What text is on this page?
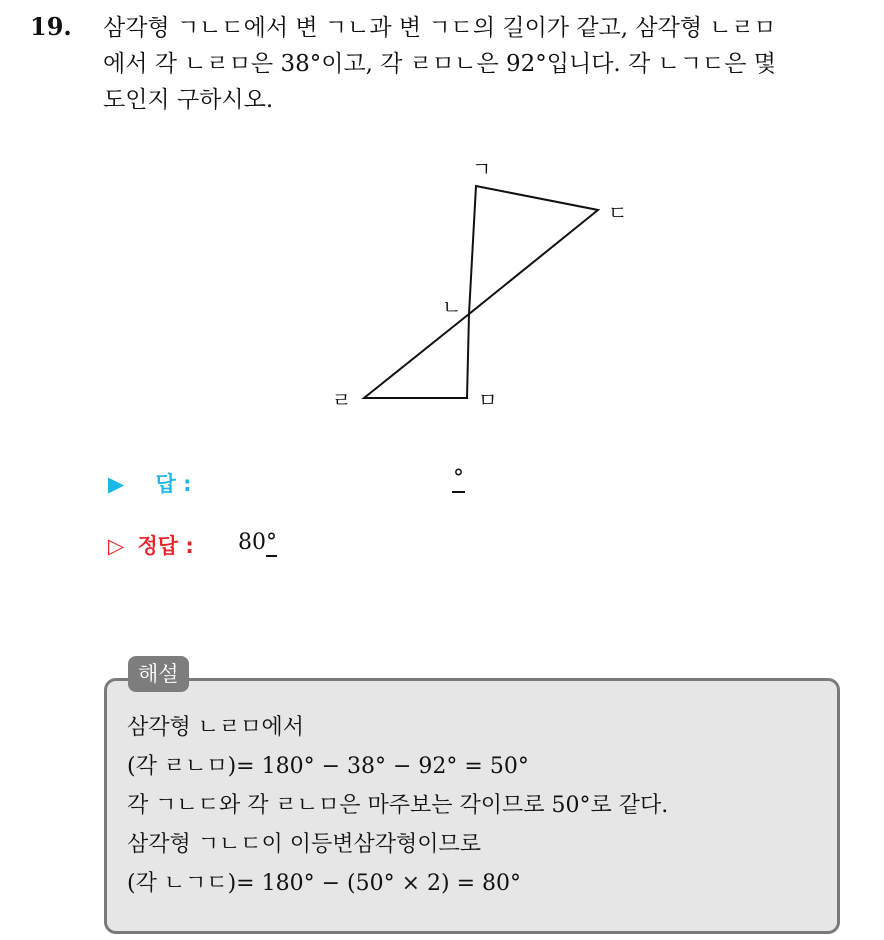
19. 삼각형 ㄱㄴㄷ에서 변 ㄱㄴ과 변 ㄱㄷ의 길이가 같고, 삼각형 ㄴㄹㅁ
에서 각 ㄴㄹㅁ은 38°이고, 각 ㄹㅁㄴ은 92°입니다. 각 ㄴㄱㄷ은 몇
도인지 구하시오.
ㄱ
ㄷ
ㄴ
ㄹ	ㅁ
▶ 답 :	°
▷ 정답 : 80°
해설
삼각형 ㄴㄹㅁ에서
(각 ㄹㄴㅁ)= 180° − 38° − 92° = 50°
각 ㄱㄴㄷ와 각 ㄹㄴㅁ은 마주보는 각이므로 50°로 같다.
삼각형 ㄱㄴㄷ이 이등변삼각형이므로
(각 ㄴㄱㄷ)= 180° − (50° × 2) = 80°
